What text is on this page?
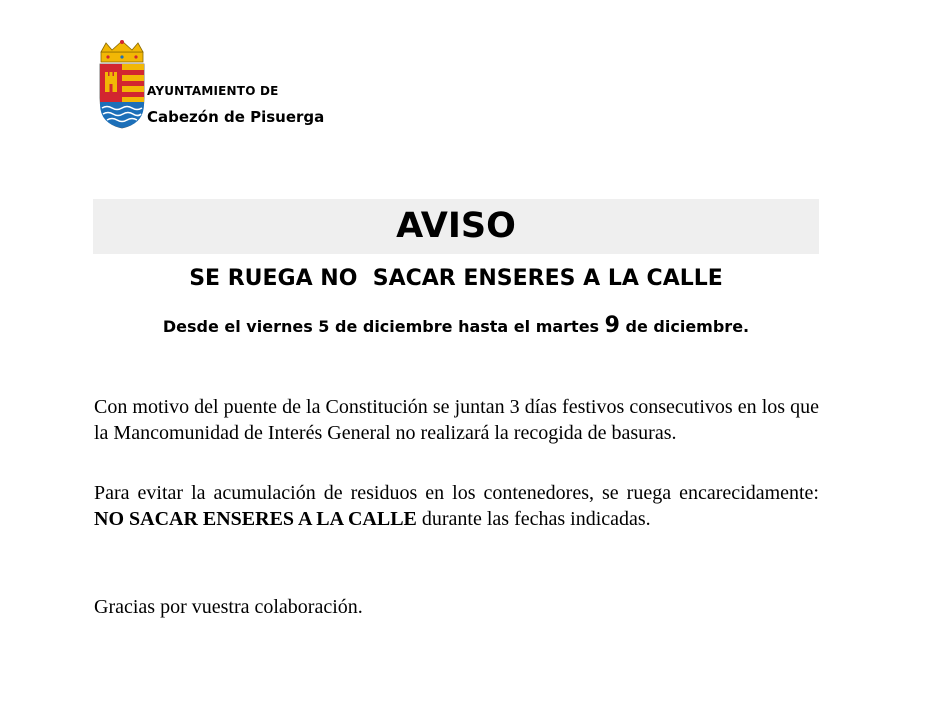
AYUNTAMIENTO DE
Cabezón de Pisuerga
AVISO
SE RUEGA NO  SACAR ENSERES A LA CALLE
Desde el viernes 5 de diciembre hasta el martes 9 de diciembre.
Con motivo del puente de la Constitución se juntan 3 días festivos consecutivos en los que la Mancomunidad de Interés General no realizará la recogida de basuras.
Para evitar la acumulación de residuos en los contenedores, se ruega encarecidamente: NO SACAR ENSERES A LA CALLE durante las fechas indicadas.
Gracias por vuestra colaboración.
